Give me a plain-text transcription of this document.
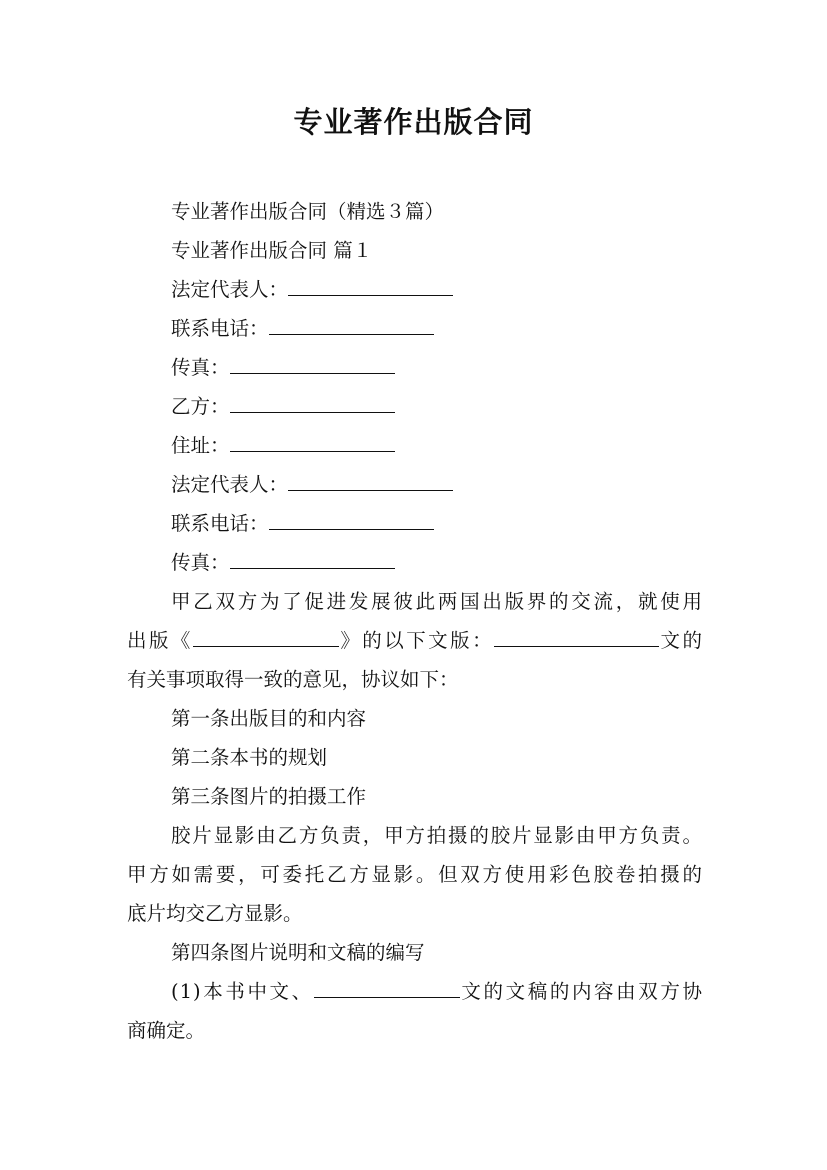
专业著作出版合同
专业著作出版合同（精选３篇）
专业著作出版合同 篇１
法定代表人：
联系电话：
传真：
乙方：
住址：
法定代表人：
联系电话：
传真：
甲乙双方为了促进发展彼此两国出版界的交流，就使用
出版《	》的以下文版：	文的
有关事项取得一致的意见，协议如下：
第一条出版目的和内容
第二条本书的规划
第三条图片的拍摄工作
胶片显影由乙方负责，甲方拍摄的胶片显影由甲方负责。
甲方如需要，可委托乙方显影。但双方使用彩色胶卷拍摄的
底片均交乙方显影。
第四条图片说明和文稿的编写
(1)本书中文、	文的文稿的内容由双方协
商确定。
